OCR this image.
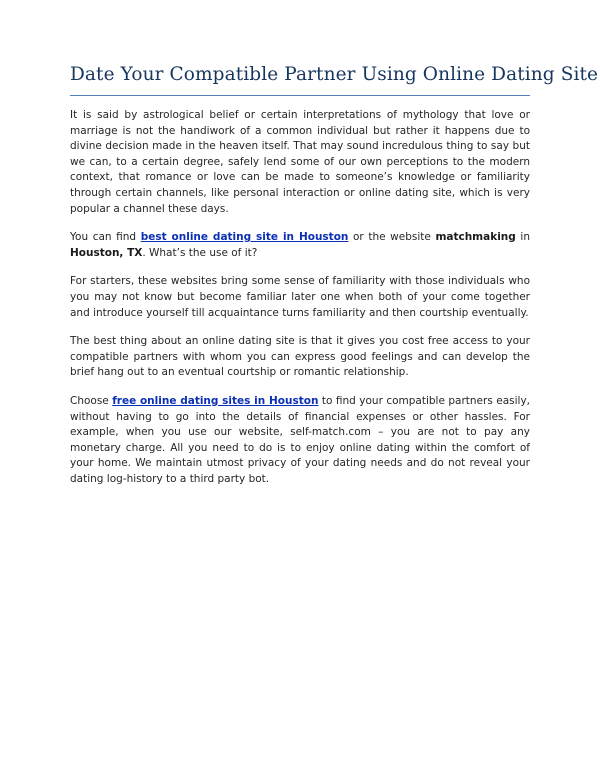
Date Your Compatible Partner Using Online Dating Site

It is said by astrological belief or certain interpretations of mythology that love or marriage is not the handiwork of a common individual but rather it happens due to divine decision made in the heaven itself. That may sound incredulous thing to say but we can, to a certain degree, safely lend some of our own perceptions to the modern context, that romance or love can be made to someone’s knowledge or familiarity through certain channels, like personal interaction or online dating site, which is very popular a channel these days.

You can find best online dating site in Houston or the website matchmaking in Houston, TX. What’s the use of it?

For starters, these websites bring some sense of familiarity with those individuals who you may not know but become familiar later one when both of your come together and introduce yourself till acquaintance turns familiarity and then courtship eventually.

The best thing about an online dating site is that it gives you cost free access to your compatible partners with whom you can express good feelings and can develop the brief hang out to an eventual courtship or romantic relationship.

Choose free online dating sites in Houston to find your compatible partners easily, without having to go into the details of financial expenses or other hassles. For example, when you use our website, self-match.com – you are not to pay any monetary charge. All you need to do is to enjoy online dating within the comfort of your home. We maintain utmost privacy of your dating needs and do not reveal your dating log-history to a third party bot.
